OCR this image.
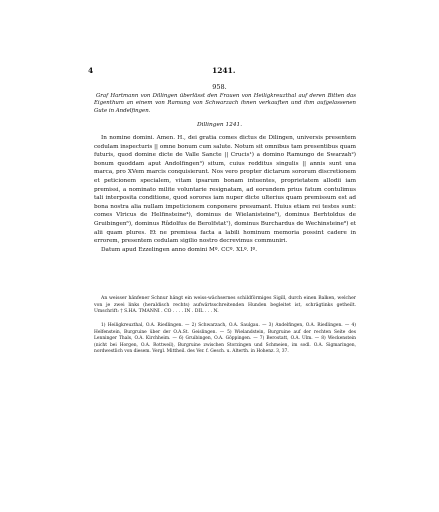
4	1241.
958.
Graf Hartmann von Dillingen überlässt den Frauen von Heiligkreuzthal auf deren Bitten das Eigenthum an einem von Ramung von Schwarzach ihnen verkauften und ihm aufgelassenen Gute in Andelfingen.
Dillingen 1241.

In nomine domini. Amen. H., dei gratia comes dictus de Dilingen, universis presentem cedulam inspecturis || omne bonum cum salute. Notum sit omnibus tam presentibus quam futuris, quod domine dicte de Valle Sancte || Crucis¹) a domino Ramungo de Swarzah²) bonum quoddam aput Andolfingen³) situm, cuius redditus singulis || annis sunt una marca, pro XVem marcis conquisierunt. Nos vero propter dictarum sororum discretionem et peticionem specialem, vitam ipsarum bonam intuentes, proprietatem allodii iam premissi, a nominato milite voluntarie resignatam, ad eorundem prius fatum contulimus tali interposita conditione, quod sorores iam nuper dicte ulterius quam premissum est ad bona nostra alia nullam impeticionem conponere presumant. Huius etiam rei testes sunt: comes Vlricus de Helfinsteine⁴), dominus de Wielanisteine⁵), dominus Berhtoldus de Gruibingen⁶), dominus Rûdolfus de Berolfstat⁷), dominus Burchardus de Wechinsteine⁸) et alii quam plures. Et ne premissa facta a labili hominum memoria possint cadere in errorem, presentem cedulam sigilio nostro decrevimus communiri.

Datum apud Ezzelingen anno domini Mº. CCº. XLº. Iº.

An weisser hänfener Schnur hängt ein weiss-wächsernes schildförmiges Sigill, durch einen Balken, welcher von je zwei links (heraldisch rechts) aufwärtsschreitenden Hunden begleitet ist, schrägtinks getheilt. Umschrift: † S.HA. TMANNI . CO . . . . IN . DIL . . . N.

1) Heiligkreuzthal, O.A. Riedlingen. — 2) Schwarzach, O.A. Saulgau. — 3) Andelfingen, O.A. Riedlingen. — 4) Helfenstein, Burgruine über der O.A.St. Geislingen. — 5) Wielandstein, Burgruine auf der rechten Seite des Lenninger Thals, O.A. Kirchheim. — 6) Gruibingen, O.A. Göppingen. — 7) Berostatt, O.A. Ulm. — 8) Weckenstein (nicht bei Horgen, O.A. Rottweil), Burgruine zwischen Storzingen und Schmeien, im sodl. O.A. Sigmaringen, nordwestlich von diesem. Vergl. Mittheil. des Ver. f. Gesch. u. Alterth. in Hohenz. 3, 37.
